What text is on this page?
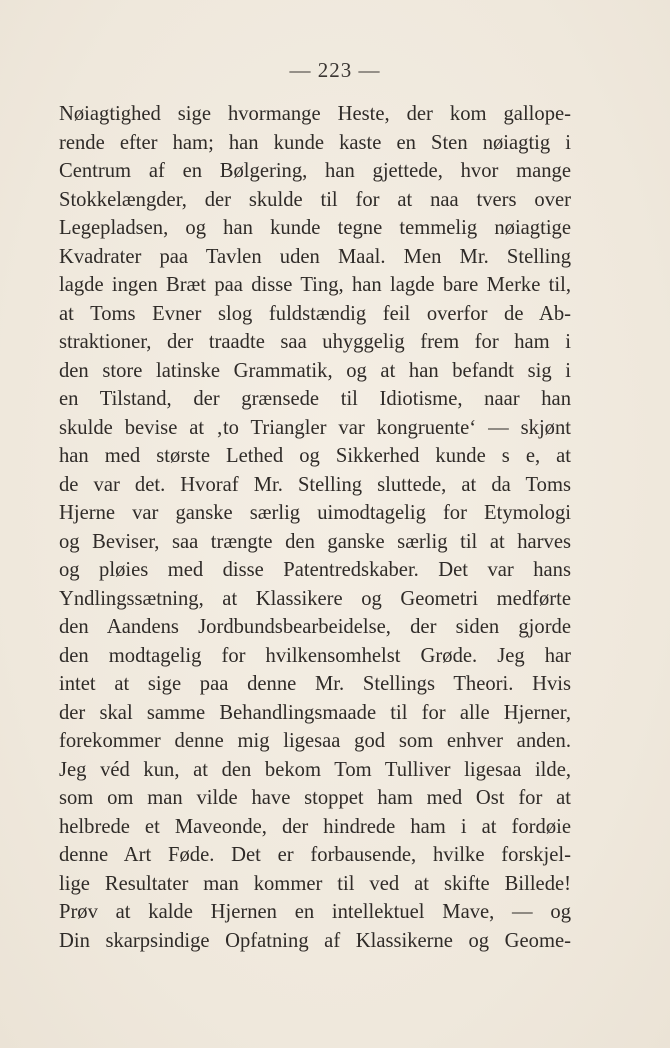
— 223 —
Nøiagtighed sige hvormange Heste, der kom gallope-
rende efter ham; han kunde kaste en Sten nøiagtig i
Centrum af en Bølgering, han gjettede, hvor mange
Stokkelængder, der skulde til for at naa tvers over
Legepladsen, og han kunde tegne temmelig nøiagtige
Kvadrater paa Tavlen uden Maal. Men Mr. Stelling
lagde ingen Bræt paa disse Ting, han lagde bare Merke til,
at Toms Evner slog fuldstændig feil overfor de Ab-
straktioner, der traadte saa uhyggelig frem for ham i
den store latinske Grammatik, og at han befandt sig i
en Tilstand, der grænsede til Idiotisme, naar han
skulde bevise at ‚to Triangler var kongruente‘ — skjønt
han med største Lethed og Sikkerhed kunde s e, at
de var det. Hvoraf Mr. Stelling sluttede, at da Toms
Hjerne var ganske særlig uimodtagelig for Etymologi
og Beviser, saa trængte den ganske særlig til at harves
og pløies med disse Patentredskaber. Det var hans
Yndlingssætning, at Klassikere og Geometri medførte
den Aandens Jordbundsbearbeidelse, der siden gjorde
den modtagelig for hvilkensomhelst Grøde. Jeg har
intet at sige paa denne Mr. Stellings Theori. Hvis
der skal samme Behandlingsmaade til for alle Hjerner,
forekommer denne mig ligesaa god som enhver anden.
Jeg véd kun, at den bekom Tom Tulliver ligesaa ilde,
som om man vilde have stoppet ham med Ost for at
helbrede et Maveonde, der hindrede ham i at fordøie
denne Art Føde. Det er forbausende, hvilke forskjel-
lige Resultater man kommer til ved at skifte Billede!
Prøv at kalde Hjernen en intellektuel Mave, — og
Din skarpsindige Opfatning af Klassikerne og Geome-
